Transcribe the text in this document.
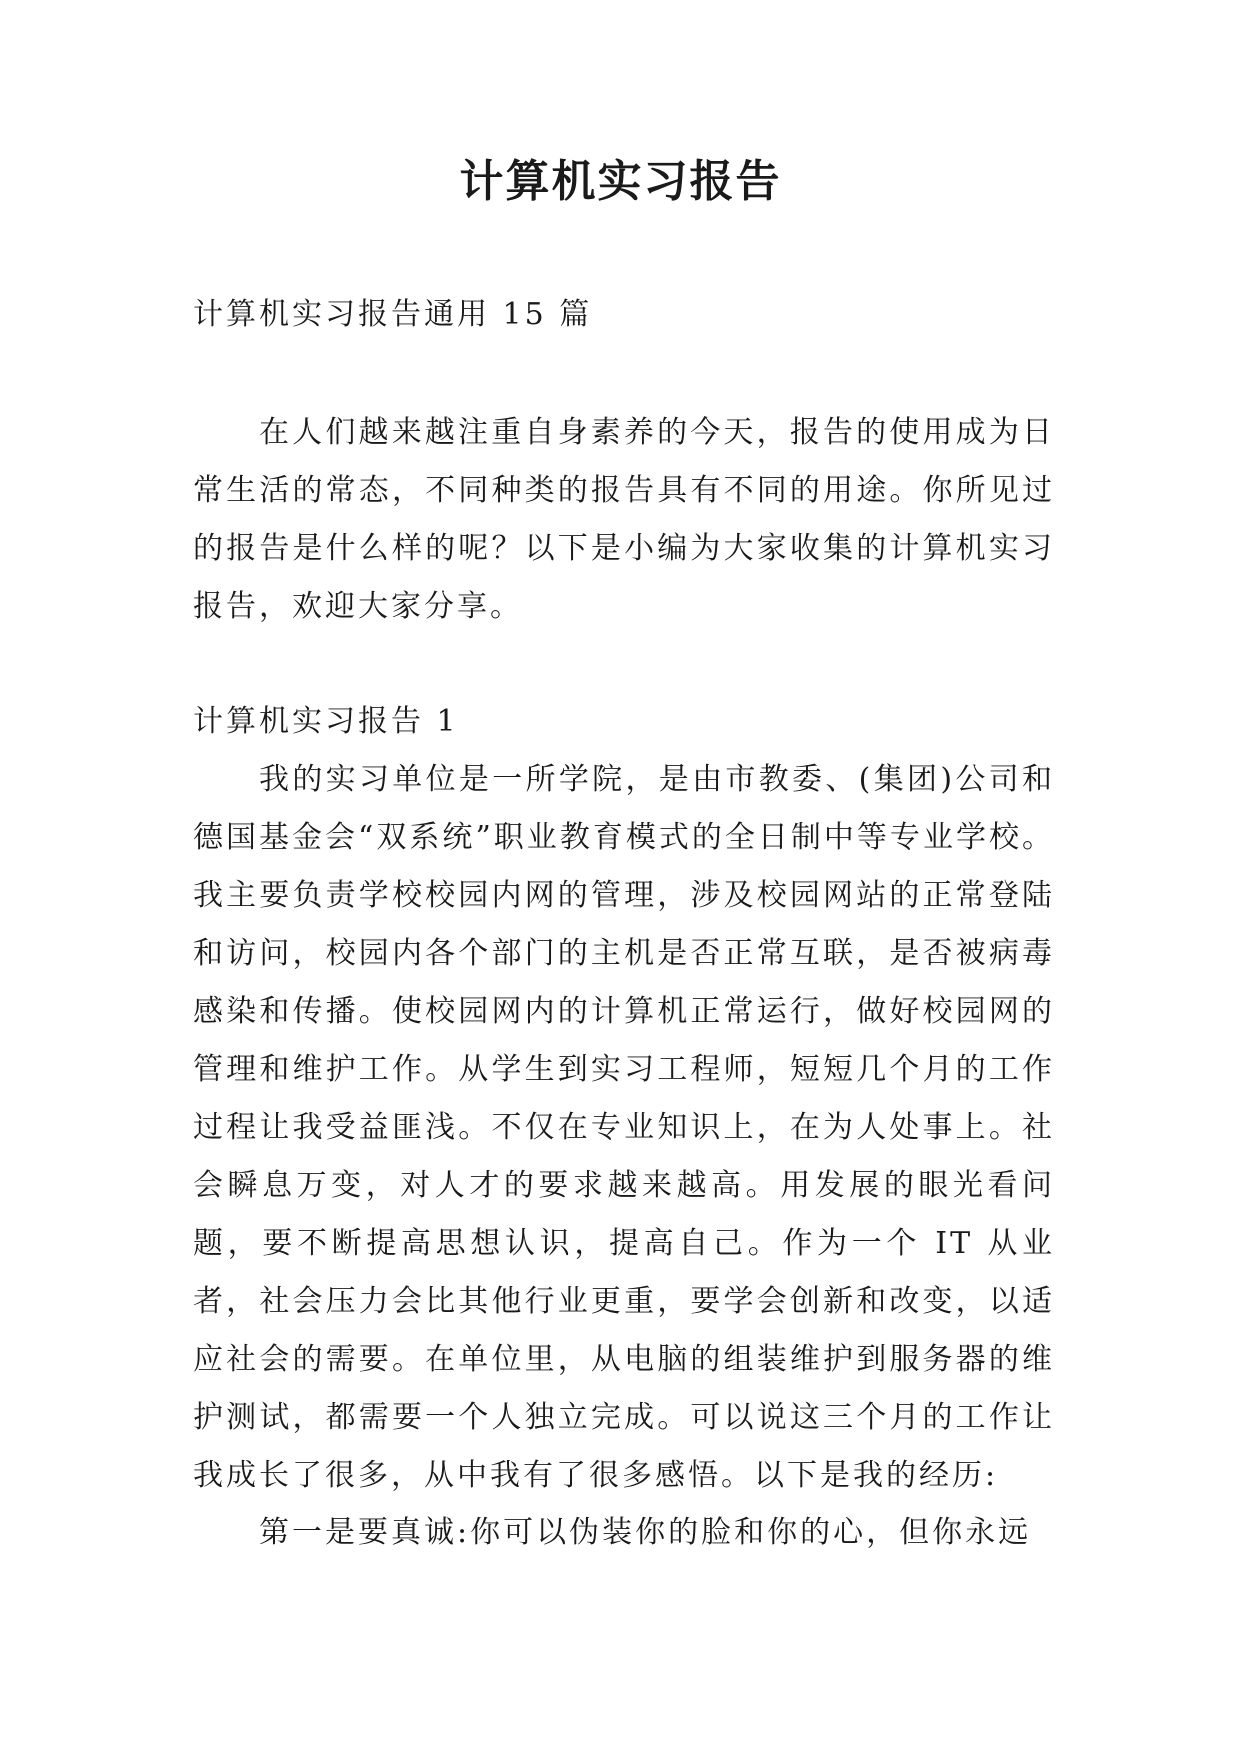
计算机实习报告

计算机实习报告通用 15 篇

在人们越来越注重自身素养的今天，报告的使用成为日常生活的常态，不同种类的报告具有不同的用途。你所见过的报告是什么样的呢？以下是小编为大家收集的计算机实习报告，欢迎大家分享。

计算机实习报告 1

我的实习单位是一所学院，是由市教委、(集团)公司和德国基金会“双系统”职业教育模式的全日制中等专业学校。我主要负责学校校园内网的管理，涉及校园网站的正常登陆和访问，校园内各个部门的主机是否正常互联，是否被病毒感染和传播。使校园网内的计算机正常运行，做好校园网的管理和维护工作。从学生到实习工程师，短短几个月的工作过程让我受益匪浅。不仅在专业知识上，在为人处事上。社会瞬息万变，对人才的要求越来越高。用发展的眼光看问题，要不断提高思想认识，提高自己。作为一个 IT 从业者，社会压力会比其他行业更重，要学会创新和改变，以适应社会的需要。在单位里，从电脑的组装维护到服务器的维护测试，都需要一个人独立完成。可以说这三个月的工作让我成长了很多，从中我有了很多感悟。以下是我的经历:

第一是要真诚:你可以伪装你的脸和你的心，但你永远
